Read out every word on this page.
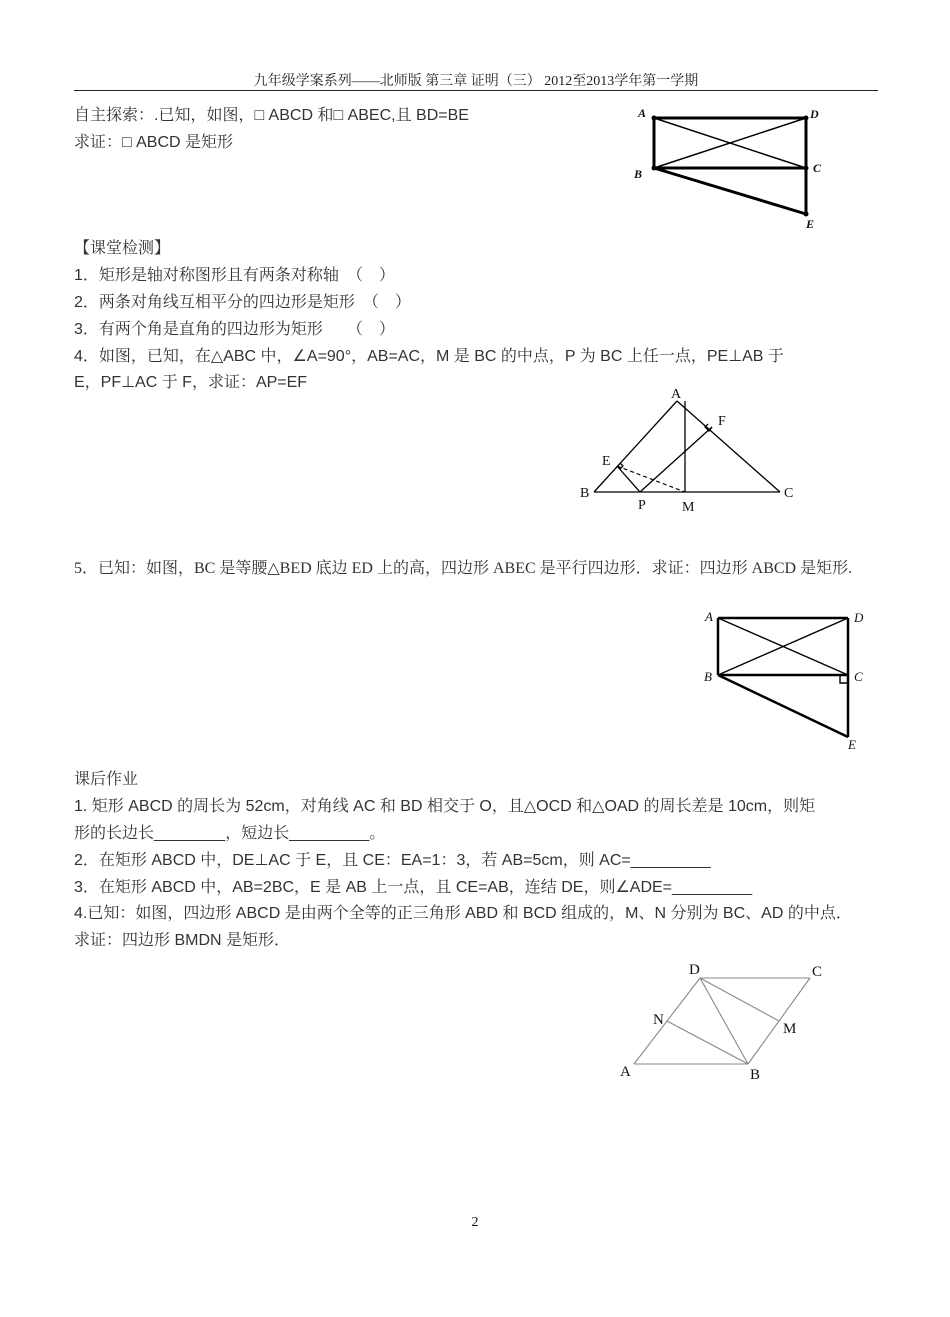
九年级学案系列——北师版 第三章 证明（三） 2012至2013学年第一学期
自主探索：.已知，如图，□ ABCD 和□ ABEC,且 BD=BE
求证：□ ABCD 是矩形
A	D
B	C
E
【课堂检测】
1．矩形是轴对称图形且有两条对称轴　（　）
2．两条对角线互相平分的四边形是矩形　（　）
3．有两个角是直角的四边形为矩形　　（　）
4．如图，已知，在△ABC 中，∠A=90°，AB=AC，M 是 BC 的中点，P 为 BC 上任一点，PE⊥AB 于
E，PF⊥AC 于 F，求证：AP=EF
A
F
E
B
P	M
C
5．已知：如图，BC 是等腰△BED 底边 ED 上的高，四边形 ABEC 是平行四边形．求证：四边形 ABCD 是矩形.
A	D
B	C
E
课后作业
1. 矩形 ABCD 的周长为 52cm，对角线 AC 和 BD 相交于 O，且△OCD 和△OAD 的周长差是 10cm，则矩
形的长边长________，短边长_________。
2．在矩形 ABCD 中，DE⊥AC 于 E，且 CE：EA=1：3，若 AB=5cm，则 AC=_________
3．在矩形 ABCD 中，AB=2BC，E 是 AB 上一点，且 CE=AB，连结 DE，则∠ADE=_________
4.已知：如图，四边形 ABCD 是由两个全等的正三角形 ABD 和 BCD 组成的，M、N 分别为 BC、AD 的中点．
求证：四边形 BMDN 是矩形．
D	C
N
M
A	B
2
